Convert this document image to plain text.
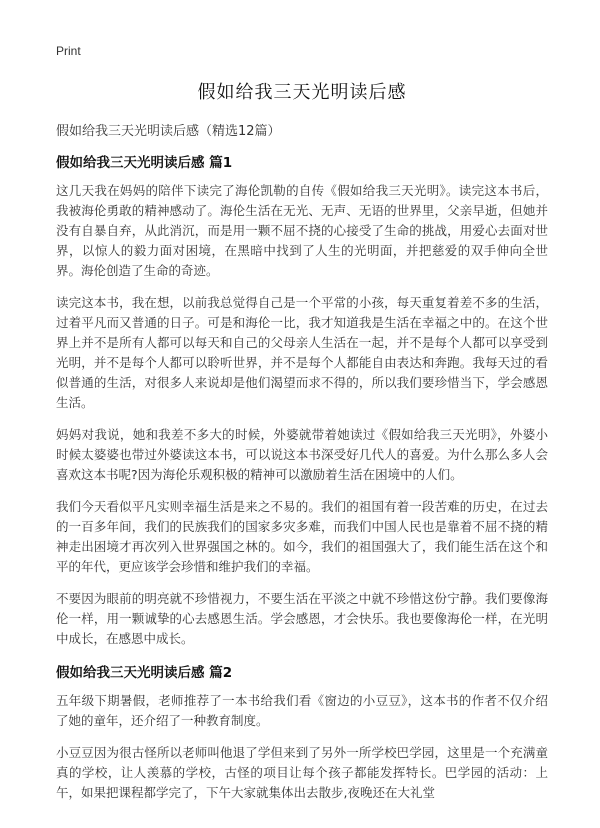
Print
假如给我三天光明读后感
假如给我三天光明读后感（精选12篇）
假如给我三天光明读后感 篇1

这几天我在妈妈的陪伴下读完了海伦凯勒的自传《假如给我三天光明》。读完这本书后，我被海伦勇敢的精神感动了。海伦生活在无光、无声、无语的世界里，父亲早逝，但她并没有自暴自弃，从此消沉，而是用一颗不屈不挠的心接受了生命的挑战，用爱心去面对世界，以惊人的毅力面对困境，在黑暗中找到了人生的光明面，并把慈爱的双手伸向全世界。海伦创造了生命的奇迹。

读完这本书，我在想，以前我总觉得自己是一个平常的小孩，每天重复着差不多的生活，过着平凡而又普通的日子。可是和海伦一比，我才知道我是生活在幸福之中的。在这个世界上并不是所有人都可以每天和自己的父母亲人生活在一起，并不是每个人都可以享受到光明，并不是每个人都可以聆听世界，并不是每个人都能自由表达和奔跑。我每天过的看似普通的生活，对很多人来说却是他们渴望而求不得的，所以我们要珍惜当下，学会感恩生活。

妈妈对我说，她和我差不多大的时候，外婆就带着她读过《假如给我三天光明》，外婆小时候太婆婆也带过外婆读这本书，可以说这本书深受好几代人的喜爱。为什么那么多人会喜欢这本书呢?因为海伦乐观积极的精神可以激励着生活在困境中的人们。

我们今天看似平凡实则幸福生活是来之不易的。我们的祖国有着一段苦难的历史，在过去的一百多年间，我们的民族我们的国家多灾多难，而我们中国人民也是靠着不屈不挠的精神走出困境才再次列入世界强国之林的。如今，我们的祖国强大了，我们能生活在这个和平的年代，更应该学会珍惜和维护我们的幸福。

不要因为眼前的明亮就不珍惜视力，不要生活在平淡之中就不珍惜这份宁静。我们要像海伦一样，用一颗诚挚的心去感恩生活。学会感恩，才会快乐。我也要像海伦一样，在光明中成长，在感恩中成长。

假如给我三天光明读后感 篇2

五年级下期暑假，老师推荐了一本书给我们看《窗边的小豆豆》，这本书的作者不仅介绍了她的童年，还介绍了一种教育制度。

小豆豆因为很古怪所以老师叫他退了学但来到了另外一所学校巴学园，这里是一个充满童真的学校，让人羡慕的学校，古怪的项目让每个孩子都能发挥特长。巴学园的活动：上午，如果把课程都学完了，下午大家就集体出去散步,夜晚还在大礼堂
